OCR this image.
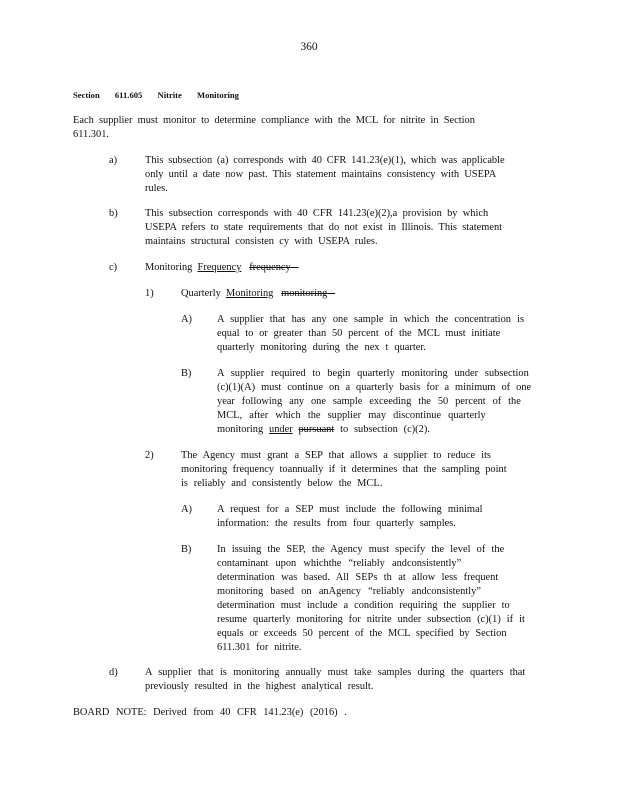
360
Section 611.605 Nitrite Monitoring
Each supplier must monitor to determine compliance with the MCL for nitrite in Section
611.301.
a)	This subsection (a) corresponds with 40 CFR 141.23(e)(1), which was applicable
only until a date now past. This statement maintains consistency with USEPA
rules.
b)	This subsection corresponds with 40 CFR 141.23(e)(2),a provision by which
USEPA refers to state requirements that do not exist in Illinois. This statement
maintains structural consisten cy with USEPA rules.
c)	Monitoring Frequency frequency
1)	Quarterly Monitoring monitoring
A) A supplier that has any one sample in which the concentration is
equal to or greater than 50 percent of the MCL must initiate
quarterly monitoring during the nex t quarter.
B) A supplier required to begin quarterly monitoring under subsection
(c)(1)(A) must continue on a quarterly basis for a minimum of one
year following any one sample exceeding the 50 percent of the
MCL, after which the supplier may discontinue quarterly
monitoring under pursuant to subsection (c)(2).
2)	The Agency must grant a SEP that allows a supplier to reduce its
monitoring frequency toannually if it determines that the sampling point
is reliably and consistently below the MCL.
A) A request for a SEP must include the following minimal
information: the results from four quarterly samples.
B) In issuing the SEP, the Agency must specify the level of the
contaminant upon whichthe “reliably andconsistently”
determination was based. All SEPs th at allow less frequent
monitoring based on anAgency “reliably andconsistently”
determination must include a condition requiring the supplier to
resume quarterly monitoring for nitrite under subsection (c)(1) if it
equals or exceeds 50 percent of the MCL specified by Section
611.301 for nitrite.
d)	A supplier that is monitoring annually must take samples during the quarters that
previously resulted in the highest analytical result.
BOARD NOTE: Derived from 40 CFR 141.23(e) (2016) .
